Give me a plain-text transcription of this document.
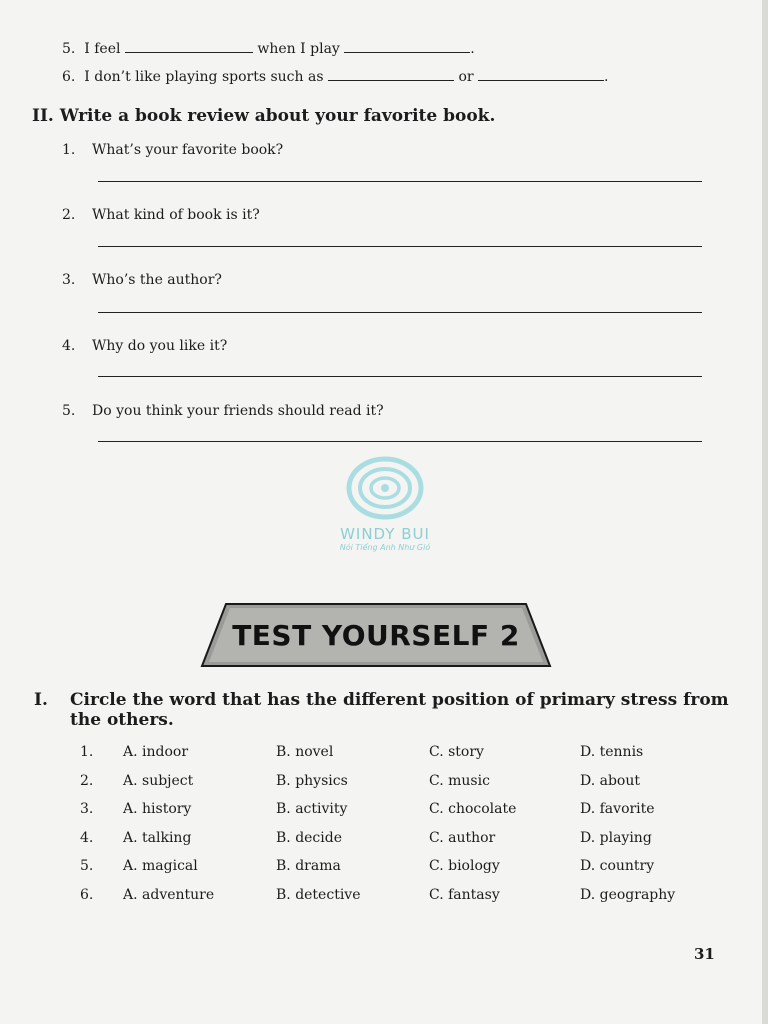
5. I feel	when I play	.
6. I don’t like playing sports such as	or	.
II. Write a book review about your favorite book.
1. What’s your favorite book?
2. What kind of book is it?
3. Who’s the author?
4. Why do you like it?
5. Do you think your friends should read it?
WINDY BUI
Nói Tiếng Anh Như Gió
TEST YOURSELF 2
I. Circle the word that has the different position of primary stress from the others.
1. A. indoor	B. novel	C. story	D. tennis
2. A. subject	B. physics	C. music	D. about
3. A. history	B. activity	C. chocolate	D. favorite
4. A. talking	B. decide	C. author	D. playing
5. A. magical	B. drama	C. biology	D. country
6. A. adventure	B. detective	C. fantasy	D. geography
31
